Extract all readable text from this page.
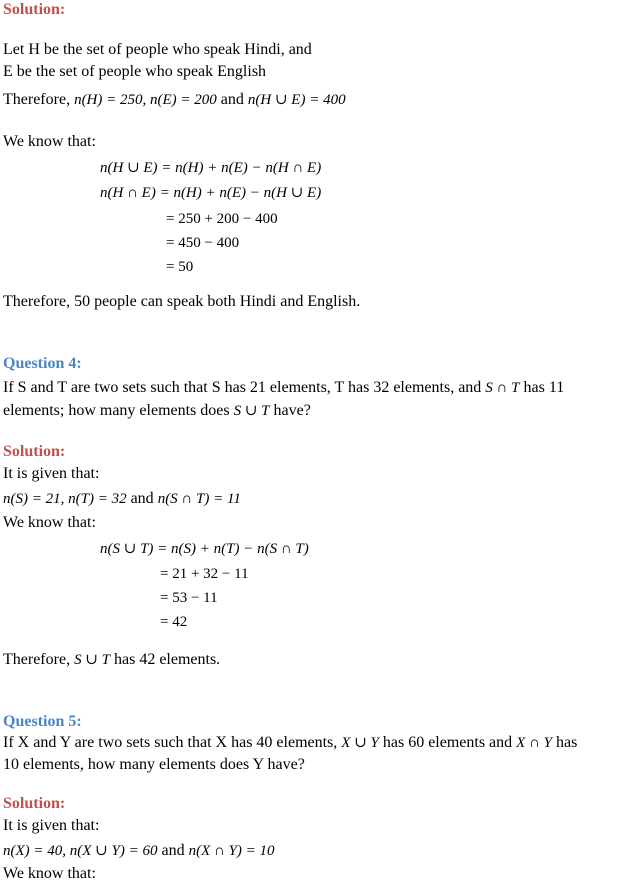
Solution:
Let H be the set of people who speak Hindi, and
E be the set of people who speak English
Therefore, n(H) = 250, n(E) = 200 and n(H ∪ E) = 400
We know that:
n(H ∪ E) = n(H) + n(E) − n(H ∩ E)
n(H ∩ E) = n(H) + n(E) − n(H ∪ E)
= 250 + 200 − 400
= 450 − 400
= 50
Therefore, 50 people can speak both Hindi and English.
Question 4:
If S and T are two sets such that S has 21 elements, T has 32 elements, and S ∩ T has 11
elements; how many elements does S ∪ T have?
Solution:
It is given that:
n(S) = 21, n(T) = 32 and n(S ∩ T) = 11
We know that:
n(S ∪ T) = n(S) + n(T) − n(S ∩ T)
= 21 + 32 − 11
= 53 − 11
= 42
Therefore, S ∪ T has 42 elements.
Question 5:
If X and Y are two sets such that X has 40 elements, X ∪ Y has 60 elements and X ∩ Y has
10 elements, how many elements does Y have?
Solution:
It is given that:
n(X) = 40, n(X ∪ Y) = 60 and n(X ∩ Y) = 10
We know that:
